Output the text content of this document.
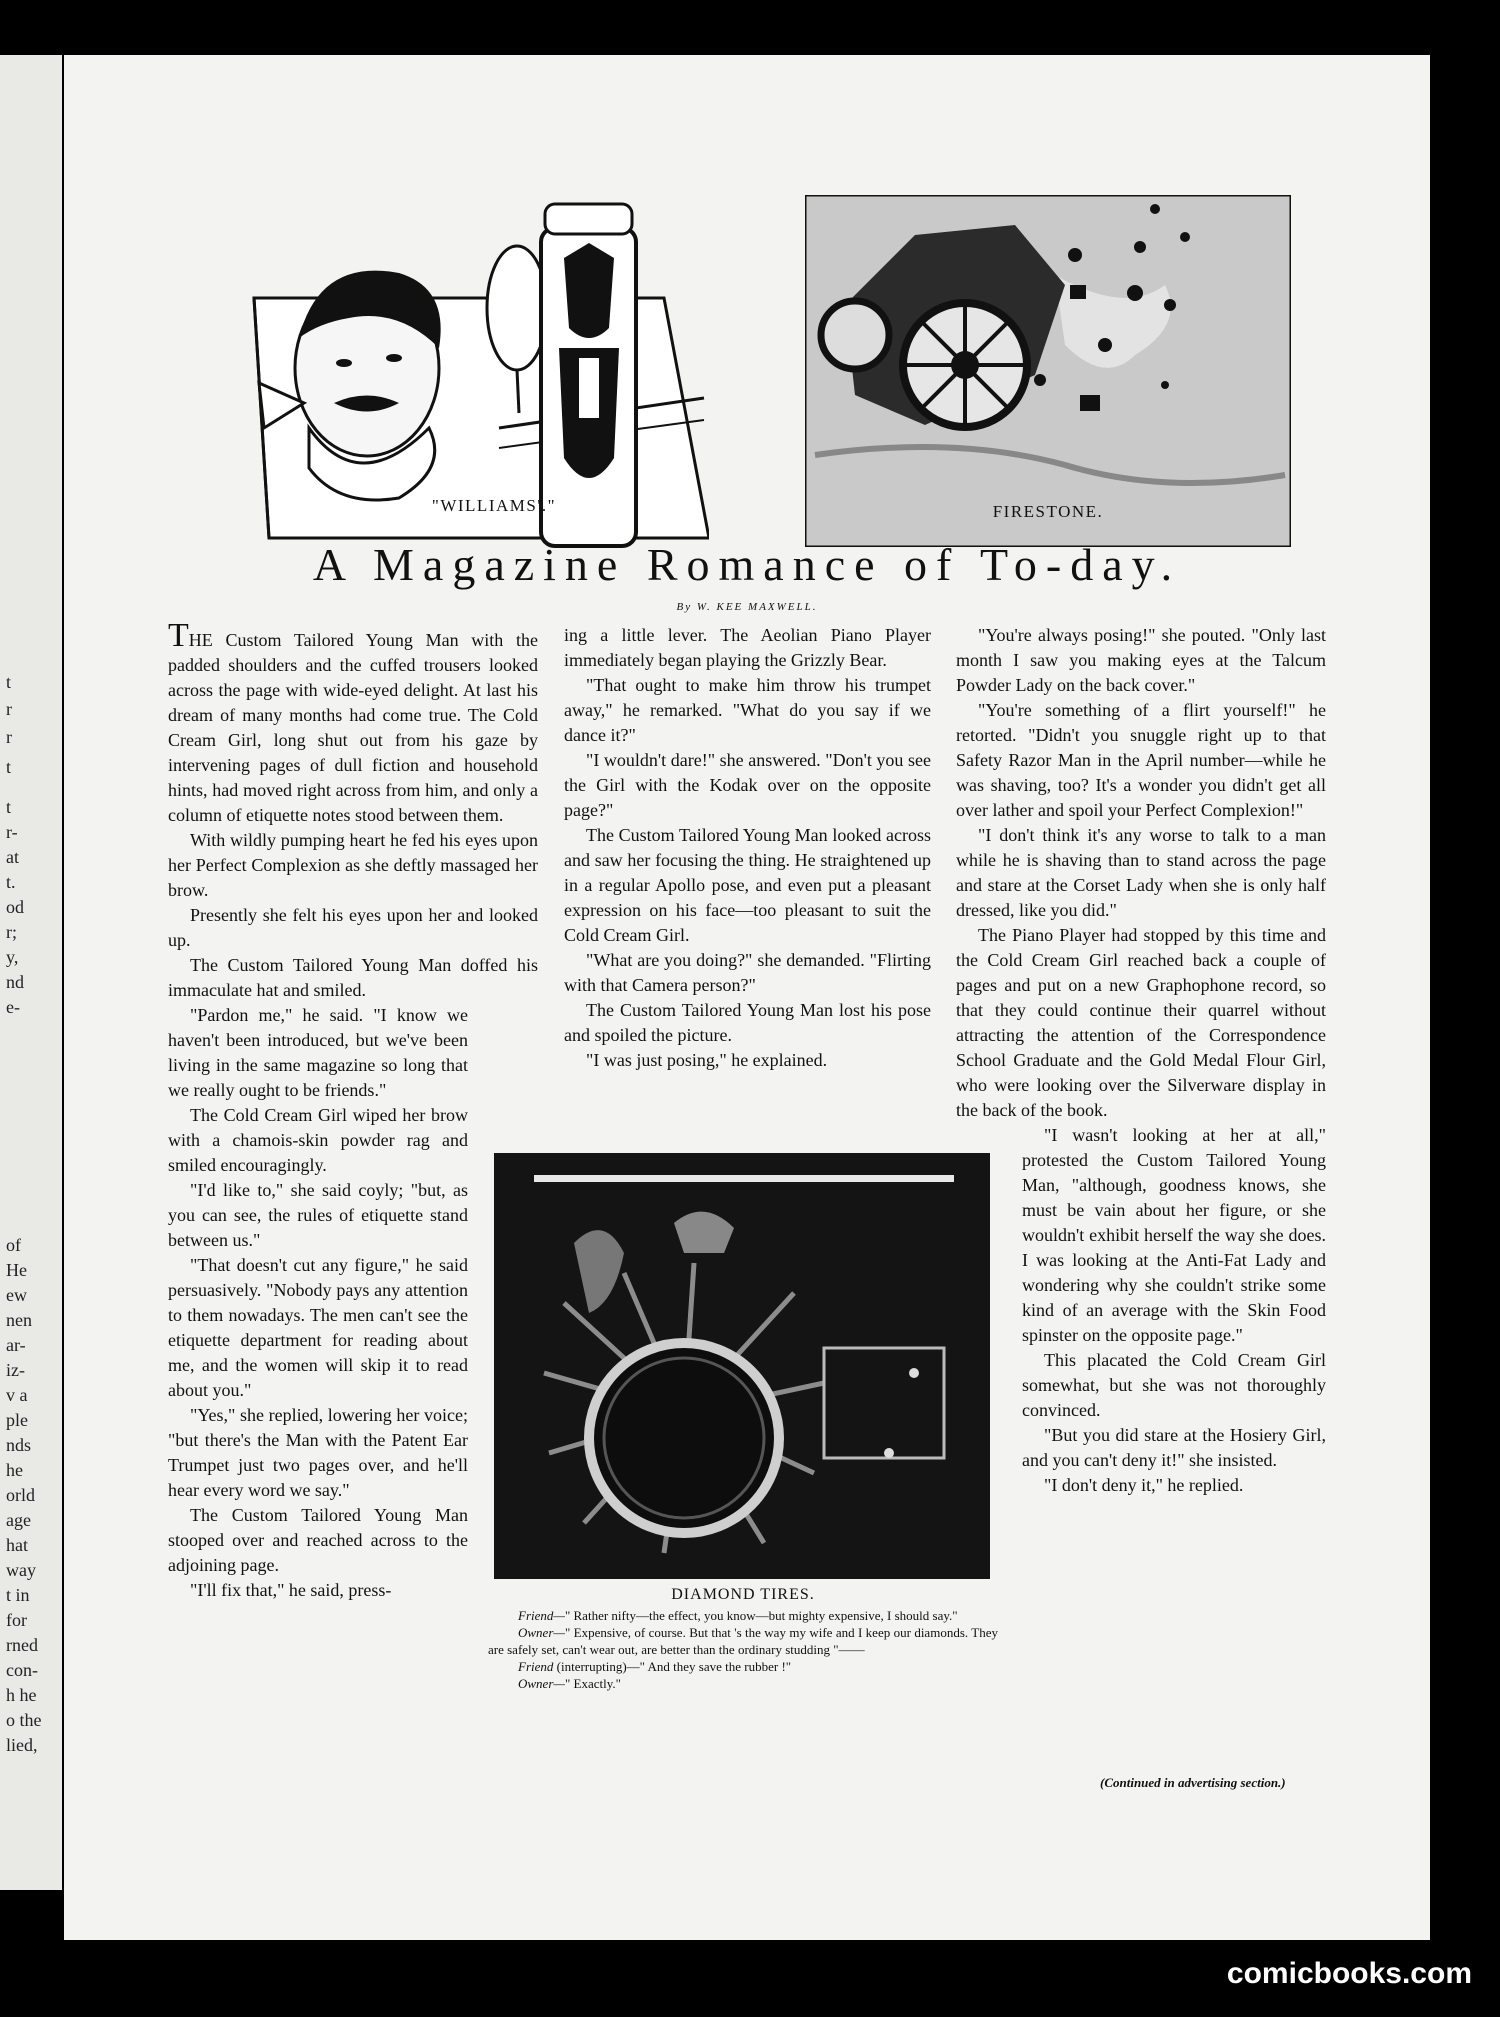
t
r
r
t
t
r-
at
t.
od
r;
y,
nd
e-
of
He
ew
nen
ar-
iz-
v a
ple
nds
he
orld
age
hat
way
t in
for
rned
con-
h he
o the
lied,
"WILLIAMS'."	FIRESTONE.
A Magazine Romance of To-day.
By W. KEE MAXWELL.

THE Custom Tailored Young Man with the padded shoulders and the cuffed trousers looked across the page with wide-eyed delight. At last his dream of many months had come true. The Cold Cream Girl, long shut out from his gaze by intervening pages of dull fiction and household hints, had moved right across from him, and only a column of etiquette notes stood between them.

With wildly pumping heart he fed his eyes upon her Perfect Complexion as she deftly massaged her brow.

Presently she felt his eyes upon her and looked up.

The Custom Tailored Young Man doffed his immaculate hat and smiled.

"Pardon me," he said. "I know we haven't been introduced, but we've been living in the same magazine so long that we really ought to be friends."

The Cold Cream Girl wiped her brow with a chamois-skin powder rag and smiled encouragingly.

"I'd like to," she said coyly; "but, as you can see, the rules of etiquette stand between us."

"That doesn't cut any figure," he said persuasively. "Nobody pays any attention to them nowadays. The men can't see the etiquette department for reading about me, and the women will skip it to read about you."

"Yes," she replied, lowering her voice; "but there's the Man with the Patent Ear Trumpet just two pages over, and he'll hear every word we say."

The Custom Tailored Young Man stooped over and reached across to the adjoining page.

"I'll fix that," he said, press-

ing a little lever. The Aeolian Piano Player immediately began playing the Grizzly Bear.

"That ought to make him throw his trumpet away," he remarked. "What do you say if we dance it?"

"I wouldn't dare!" she answered. "Don't you see the Girl with the Kodak over on the opposite page?"

The Custom Tailored Young Man looked across and saw her focusing the thing. He straightened up in a regular Apollo pose, and even put a pleasant expression on his face—too pleasant to suit the Cold Cream Girl.

"What are you doing?" she demanded. "Flirting with that Camera person?"

The Custom Tailored Young Man lost his pose and spoiled the picture.

"I was just posing," he explained.

"You're always posing!" she pouted. "Only last month I saw you making eyes at the Talcum Powder Lady on the back cover."

"You're something of a flirt yourself!" he retorted. "Didn't you snuggle right up to that Safety Razor Man in the April number—while he was shaving, too? It's a wonder you didn't get all over lather and spoil your Perfect Complexion!"

"I don't think it's any worse to talk to a man while he is shaving than to stand across the page and stare at the Corset Lady when she is only half dressed, like you did."

The Piano Player had stopped by this time and the Cold Cream Girl reached back a couple of pages and put on a new Graphophone record, so that they could continue their quarrel without attracting the attention of the Correspondence School Graduate and the Gold Medal Flour Girl, who were looking over the Silverware display in the back of the book.

"I wasn't looking at her at all," protested the Custom Tailored Young Man, "although, goodness knows, she must be vain about her figure, or she wouldn't exhibit herself the way she does. I was looking at the Anti-Fat Lady and wondering why she couldn't strike some kind of an average with the Skin Food spinster on the opposite page."

This placated the Cold Cream Girl somewhat, but she was not thoroughly convinced.

"But you did stare at the Hosiery Girl, and you can't deny it!" she insisted.

"I don't deny it," he replied.

(Continued in advertising section.)
DIAMOND TIRES.

Friend—" Rather nifty—the effect, you know—but mighty expensive, I should say."

Owner—" Expensive, of course. But that 's the way my wife and I keep our diamonds. They are safely set, can't wear out, are better than the ordinary studding "——

Friend (interrupting)—" And they save the rubber !"

Owner—" Exactly."

comicbooks.com
